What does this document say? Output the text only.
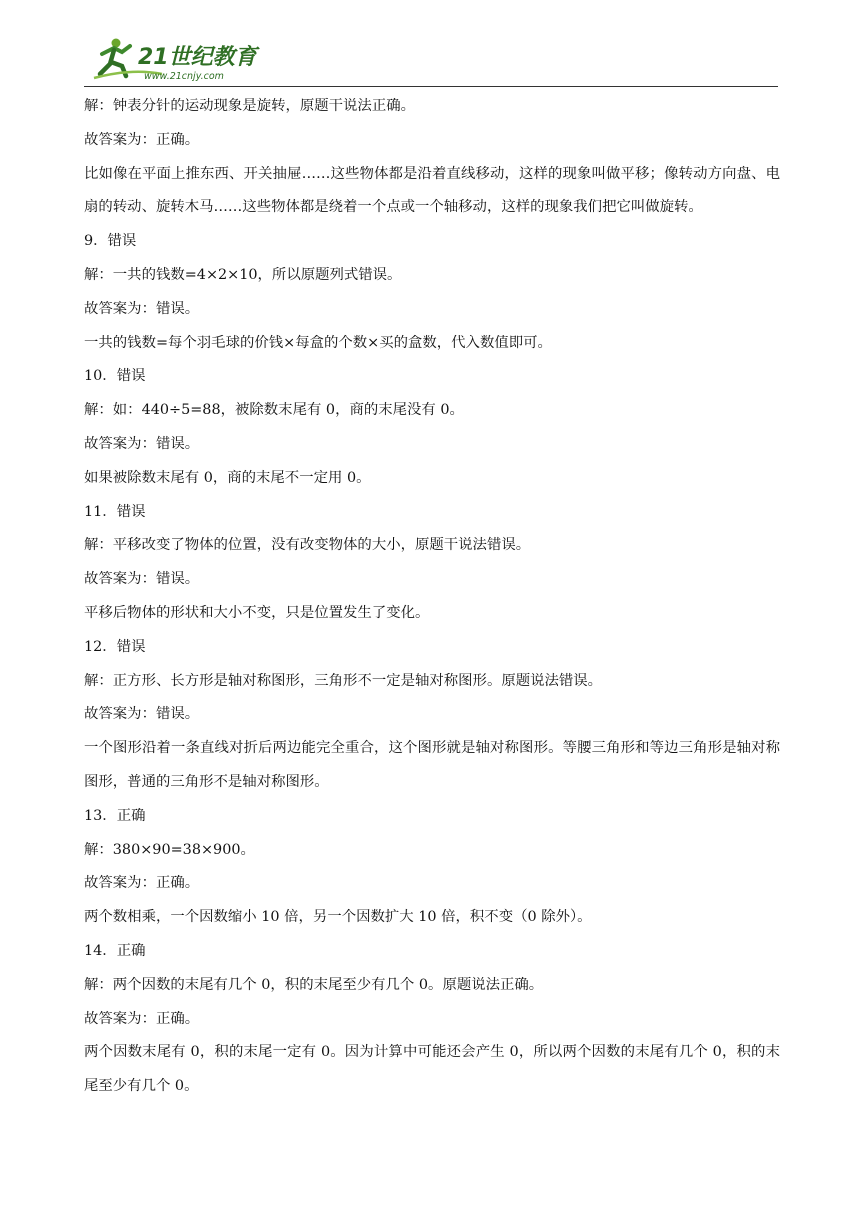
21世纪教育
www.21cnjy.com

解：钟表分针的运动现象是旋转，原题干说法正确。

故答案为：正确。

比如像在平面上推东西、开关抽屉……这些物体都是沿着直线移动，这样的现象叫做平移；像转动方向盘、电扇的转动、旋转木马……这些物体都是绕着一个点或一个轴移动，这样的现象我们把它叫做旋转。

9．错误

解：一共的钱数=4×2×10，所以原题列式错误。

故答案为：错误。

一共的钱数=每个羽毛球的价钱×每盒的个数×买的盒数，代入数值即可。

10．错误

解：如：440÷5=88，被除数末尾有 0，商的末尾没有 0。

故答案为：错误。

如果被除数末尾有 0，商的末尾不一定用 0。

11．错误

解：平移改变了物体的位置，没有改变物体的大小，原题干说法错误。

故答案为：错误。

平移后物体的形状和大小不变，只是位置发生了变化。

12．错误

解：正方形、长方形是轴对称图形，三角形不一定是轴对称图形。原题说法错误。

故答案为：错误。

一个图形沿着一条直线对折后两边能完全重合，这个图形就是轴对称图形。等腰三角形和等边三角形是轴对称图形，普通的三角形不是轴对称图形。

13．正确

解：380×90=38×900。

故答案为：正确。

两个数相乘，一个因数缩小 10 倍，另一个因数扩大 10 倍，积不变（0 除外）。

14．正确

解：两个因数的末尾有几个 0，积的末尾至少有几个 0。原题说法正确。

故答案为：正确。

两个因数末尾有 0，积的末尾一定有 0。因为计算中可能还会产生 0，所以两个因数的末尾有几个 0，积的末尾至少有几个 0。
